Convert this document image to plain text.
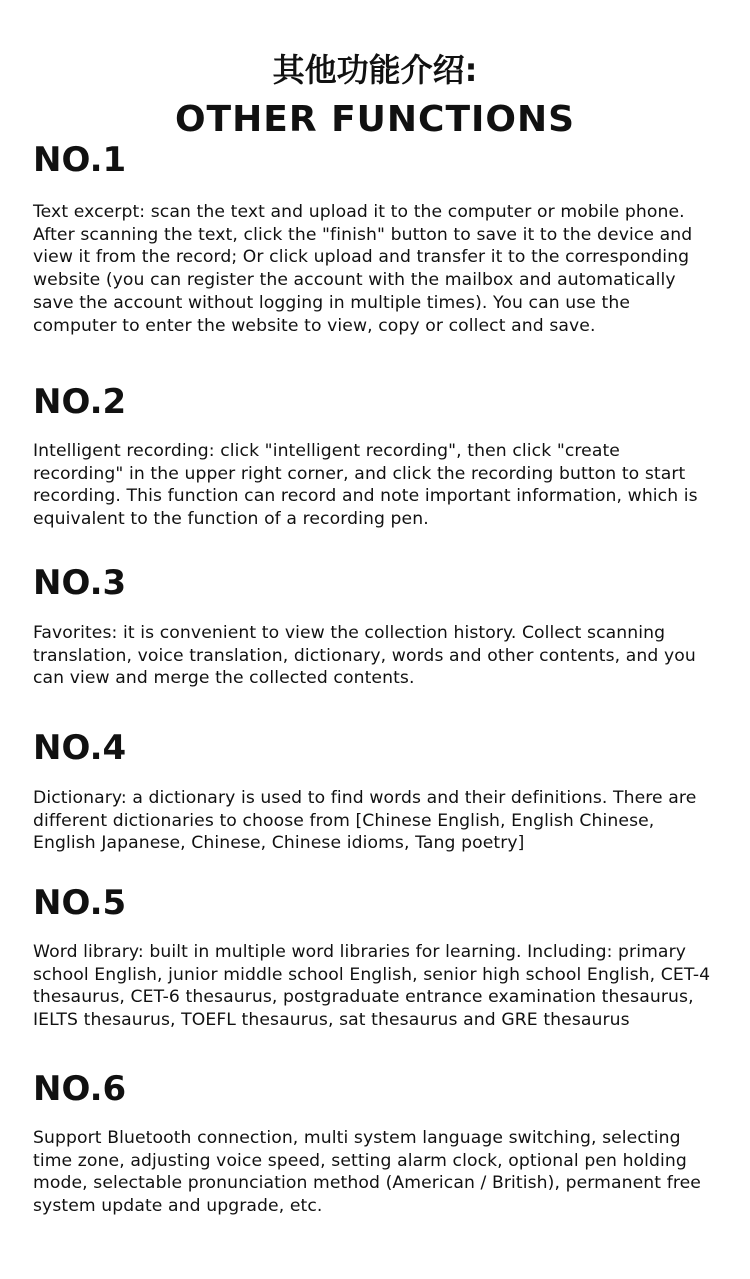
其他功能介绍:
OTHER FUNCTIONS
NO.1

Text excerpt: scan the text and upload it to the computer or mobile phone. After scanning the text, click the "finish" button to save it to the device and view it from the record; Or click upload and transfer it to the corresponding website (you can register the account with the mailbox and automatically save the account without logging in multiple times). You can use the computer to enter the website to view, copy or collect and save.

NO.2

Intelligent recording: click "intelligent recording", then click "create recording" in the upper right corner, and click the recording button to start recording. This function can record and note important information, which is equivalent to the function of a recording pen.

NO.3

Favorites: it is convenient to view the collection history. Collect scanning translation, voice translation, dictionary, words and other contents, and you can view and merge the collected contents.

NO.4

Dictionary: a dictionary is used to find words and their definitions. There are different dictionaries to choose from [Chinese English, English Chinese, English Japanese, Chinese, Chinese idioms, Tang poetry]

NO.5

Word library: built in multiple word libraries for learning. Including: primary school English, junior middle school English, senior high school English, CET-4 thesaurus, CET-6 thesaurus, postgraduate entrance examination thesaurus, IELTS thesaurus, TOEFL thesaurus, sat thesaurus and GRE thesaurus

NO.6

Support Bluetooth connection, multi system language switching, selecting time zone, adjusting voice speed, setting alarm clock, optional pen holding mode, selectable pronunciation method (American / British), permanent free system update and upgrade, etc.
